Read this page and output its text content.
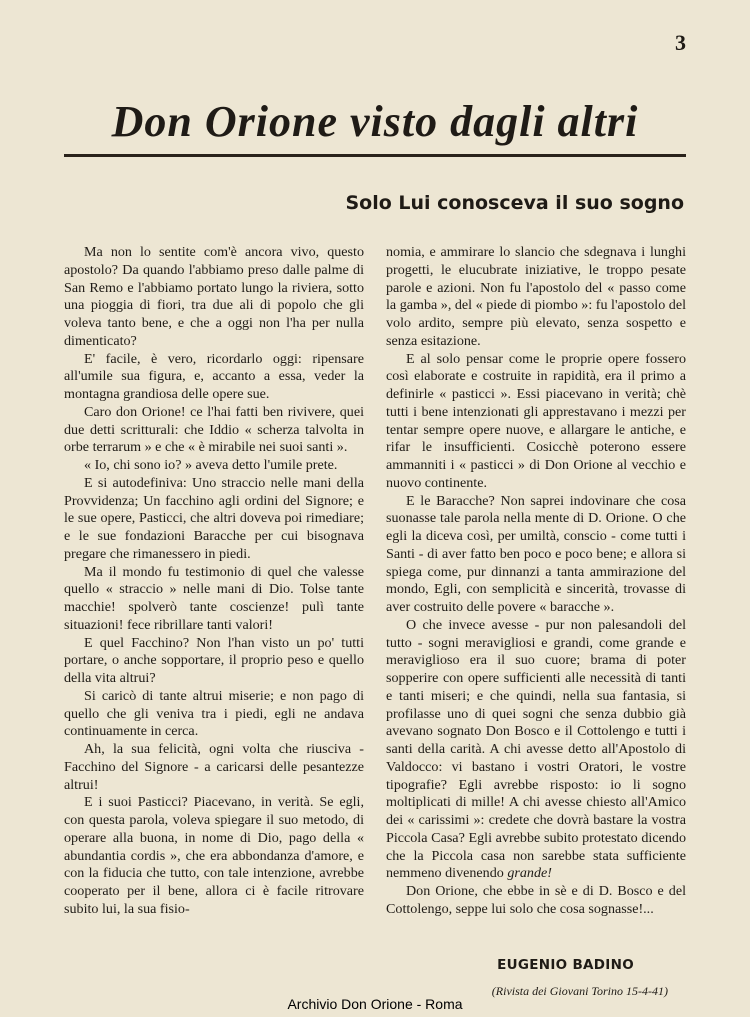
3
Don Orione visto dagli altri
Solo Lui conosceva il suo sogno

Ma non lo sentite com'è ancora vivo, questo apostolo? Da quando l'abbiamo preso dalle palme di San Remo e l'abbiamo portato lungo la riviera, sotto una pioggia di fiori, tra due ali di popolo che gli voleva tanto bene, e che a oggi non l'ha per nulla dimenticato?

E' facile, è vero, ricordarlo oggi: ripensare all'umile sua figura, e, accanto a essa, veder la montagna grandiosa delle opere sue.

Caro don Orione! ce l'hai fatti ben rivivere, quei due detti scritturali: che Iddio « scherza talvolta in orbe terrarum » e che « è mirabile nei suoi santi ».

« Io, chi sono io? » aveva detto l'umile prete.

E si autodefiniva: Uno straccio nelle mani della Provvidenza; Un facchino agli ordini del Signore; e le sue opere, Pasticci, che altri doveva poi rimediare; e le sue fondazioni Baracche per cui bisognava pregare che rimanessero in piedi.

Ma il mondo fu testimonio di quel che valesse quello « straccio » nelle mani di Dio. Tolse tante macchie! spolverò tante coscienze! pulì tante situazioni! fece ribrillare tanti valori!

E quel Facchino? Non l'han visto un po' tutti portare, o anche sopportare, il proprio peso e quello della vita altrui?

Si caricò di tante altrui miserie; e non pago di quello che gli veniva tra i piedi, egli ne andava continuamente in cerca.

Ah, la sua felicità, ogni volta che riusciva - Facchino del Signore - a caricarsi delle pesantezze altrui!

E i suoi Pasticci? Piacevano, in verità. Se egli, con questa parola, voleva spiegare il suo metodo, di operare alla buona, in nome di Dio, pago della « abundantia cordis », che era abbondanza d'amore, e con la fiducia che tutto, con tale intenzione, avrebbe cooperato per il bene, allora ci è facile ritrovare subito lui, la sua fisio-

nomia, e ammirare lo slancio che sdegnava i lunghi progetti, le elucubrate iniziative, le troppo pesate parole e azioni. Non fu l'apostolo del « passo come la gamba », del « piede di piombo »: fu l'apostolo del volo ardito, sempre più elevato, senza sospetto e senza esitazione.

E al solo pensar come le proprie opere fossero così elaborate e costruite in rapidità, era il primo a definirle « pasticci ». Essi piacevano in verità; chè tutti i bene intenzionati gli apprestavano i mezzi per tentar sempre opere nuove, e allargare le antiche, e rifar le insufficienti. Cosicchè poterono essere ammanniti i « pasticci » di Don Orione al vecchio e nuovo continente.

E le Baracche? Non saprei indovinare che cosa suonasse tale parola nella mente di D. Orione. O che egli la diceva così, per umiltà, conscio - come tutti i Santi - di aver fatto ben poco e poco bene; e allora si spiega come, pur dinnanzi a tanta ammirazione del mondo, Egli, con semplicità e sincerità, trovasse di aver costruito delle povere « baracche ».

O che invece avesse - pur non palesandoli del tutto - sogni meravigliosi e grandi, come grande e meraviglioso era il suo cuore; brama di poter sopperire con opere sufficienti alle necessità di tanti e tanti miseri; e che quindi, nella sua fantasia, si profilasse uno di quei sogni che senza dubbio già avevano sognato Don Bosco e il Cottolengo e tutti i santi della carità. A chi avesse detto all'Apostolo di Valdocco: vi bastano i vostri Oratori, le vostre tipografie? Egli avrebbe risposto: io li sogno moltiplicati di mille! A chi avesse chiesto all'Amico dei « carissimi »: credete che dovrà bastare la vostra Piccola Casa? Egli avrebbe subito protestato dicendo che la Piccola casa non sarebbe stata sufficiente nemmeno divenendo grande!

Don Orione, che ebbe in sè e di D. Bosco e del Cottolengo, seppe lui solo che cosa sognasse!...

EUGENIO BADINO
(Rivista dei Giovani Torino 15-4-41)
Archivio Don Orione - Roma
